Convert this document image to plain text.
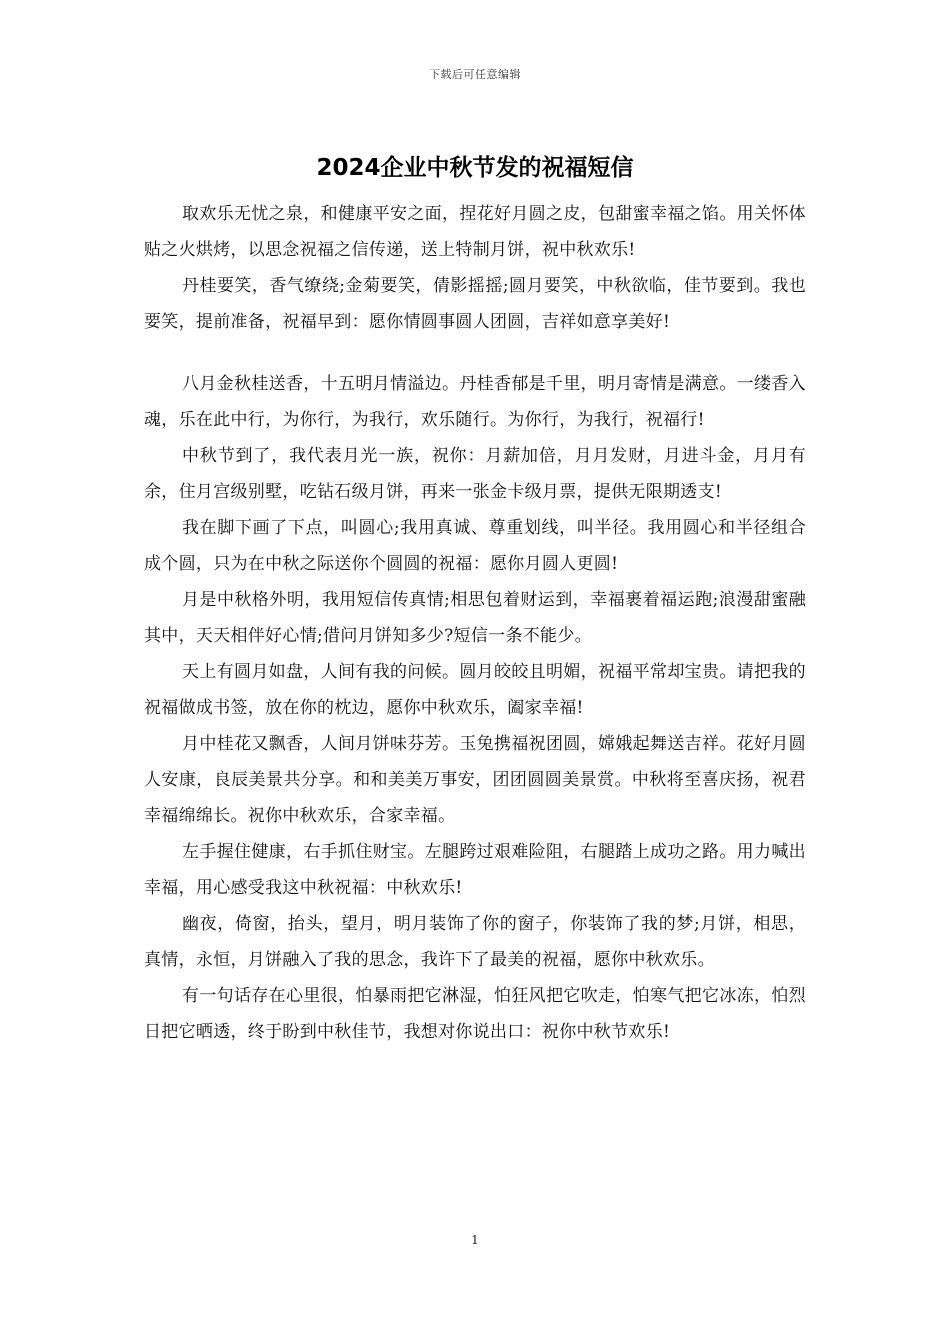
下载后可任意编辑
2024企业中秋节发的祝福短信

取欢乐无忧之泉，和健康平安之面，捏花好月圆之皮，包甜蜜幸福之馅。用关怀体贴之火烘烤，以思念祝福之信传递，送上特制月饼，祝中秋欢乐!

丹桂要笑，香气缭绕;金菊要笑，倩影摇摇;圆月要笑，中秋欲临，佳节要到。我也要笑，提前准备，祝福早到：愿你情圆事圆人团圆，吉祥如意享美好!

八月金秋桂送香，十五明月情溢边。丹桂香郁是千里，明月寄情是满意。一缕香入魂，乐在此中行，为你行，为我行，欢乐随行。为你行，为我行，祝福行!

中秋节到了，我代表月光一族，祝你：月薪加倍，月月发财，月进斗金，月月有余，住月宫级别墅，吃钻石级月饼，再来一张金卡级月票，提供无限期透支!

我在脚下画了下点，叫圆心;我用真诚、尊重划线，叫半径。我用圆心和半径组合成个圆，只为在中秋之际送你个圆圆的祝福：愿你月圆人更圆!

月是中秋格外明，我用短信传真情;相思包着财运到，幸福裹着福运跑;浪漫甜蜜融其中，天天相伴好心情;借问月饼知多少?短信一条不能少。

天上有圆月如盘，人间有我的问候。圆月皎皎且明媚，祝福平常却宝贵。请把我的祝福做成书签，放在你的枕边，愿你中秋欢乐，阖家幸福!

月中桂花又飘香，人间月饼味芬芳。玉兔携福祝团圆，嫦娥起舞送吉祥。花好月圆人安康，良辰美景共分享。和和美美万事安，团团圆圆美景赏。中秋将至喜庆扬，祝君幸福绵绵长。祝你中秋欢乐，合家幸福。

左手握住健康，右手抓住财宝。左腿跨过艰难险阻，右腿踏上成功之路。用力喊出幸福，用心感受我这中秋祝福：中秋欢乐!

幽夜，倚窗，抬头，望月，明月装饰了你的窗子，你装饰了我的梦;月饼，相思，真情，永恒，月饼融入了我的思念，我许下了最美的祝福，愿你中秋欢乐。

有一句话存在心里很，怕暴雨把它淋湿，怕狂风把它吹走，怕寒气把它冰冻，怕烈日把它晒透，终于盼到中秋佳节，我想对你说出口：祝你中秋节欢乐!

1
